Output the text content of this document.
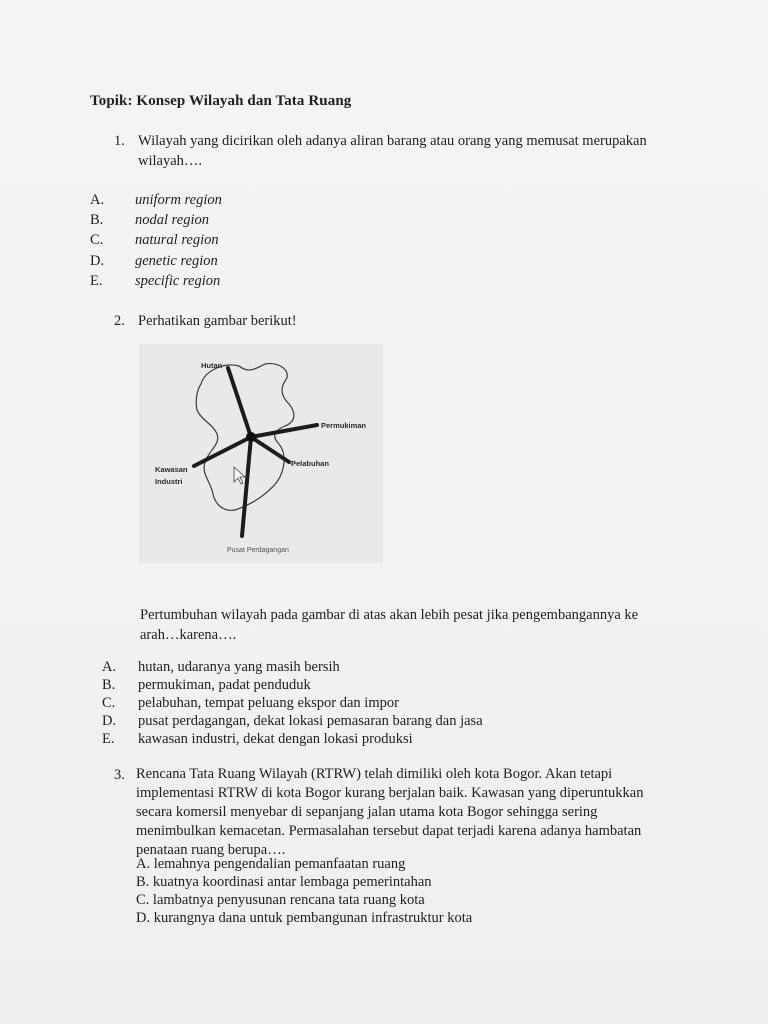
Topik: Konsep Wilayah dan Tata Ruang
1. Wilayah yang dicirikan oleh adanya aliran barang atau orang yang memusat merupakan
wilayah….
A. uniform region
B. nodal region
C. natural region
D. genetic region
E. specific region
2. Perhatikan gambar berikut!
Hutan
Permukiman
Pelabuhan
Kawasan
Industri
Pusat Perdagangan
Pertumbuhan wilayah pada gambar di atas akan lebih pesat jika pengembangannya ke
arah…karena….
A. hutan, udaranya yang masih bersih
B. permukiman, padat penduduk
C. pelabuhan, tempat peluang ekspor dan impor
D. pusat perdagangan, dekat lokasi pemasaran barang dan jasa
E. kawasan industri, dekat dengan lokasi produksi
3. Rencana Tata Ruang Wilayah (RTRW) telah dimiliki oleh kota Bogor. Akan tetapi
implementasi RTRW di kota Bogor kurang berjalan baik. Kawasan yang diperuntukkan
secara komersil menyebar di sepanjang jalan utama kota Bogor sehingga sering
menimbulkan kemacetan. Permasalahan tersebut dapat terjadi karena adanya hambatan
penataan ruang berupa….
A. lemahnya pengendalian pemanfaatan ruang
B. kuatnya koordinasi antar lembaga pemerintahan
C. lambatnya penyusunan rencana tata ruang kota
D. kurangnya dana untuk pembangunan infrastruktur kota
